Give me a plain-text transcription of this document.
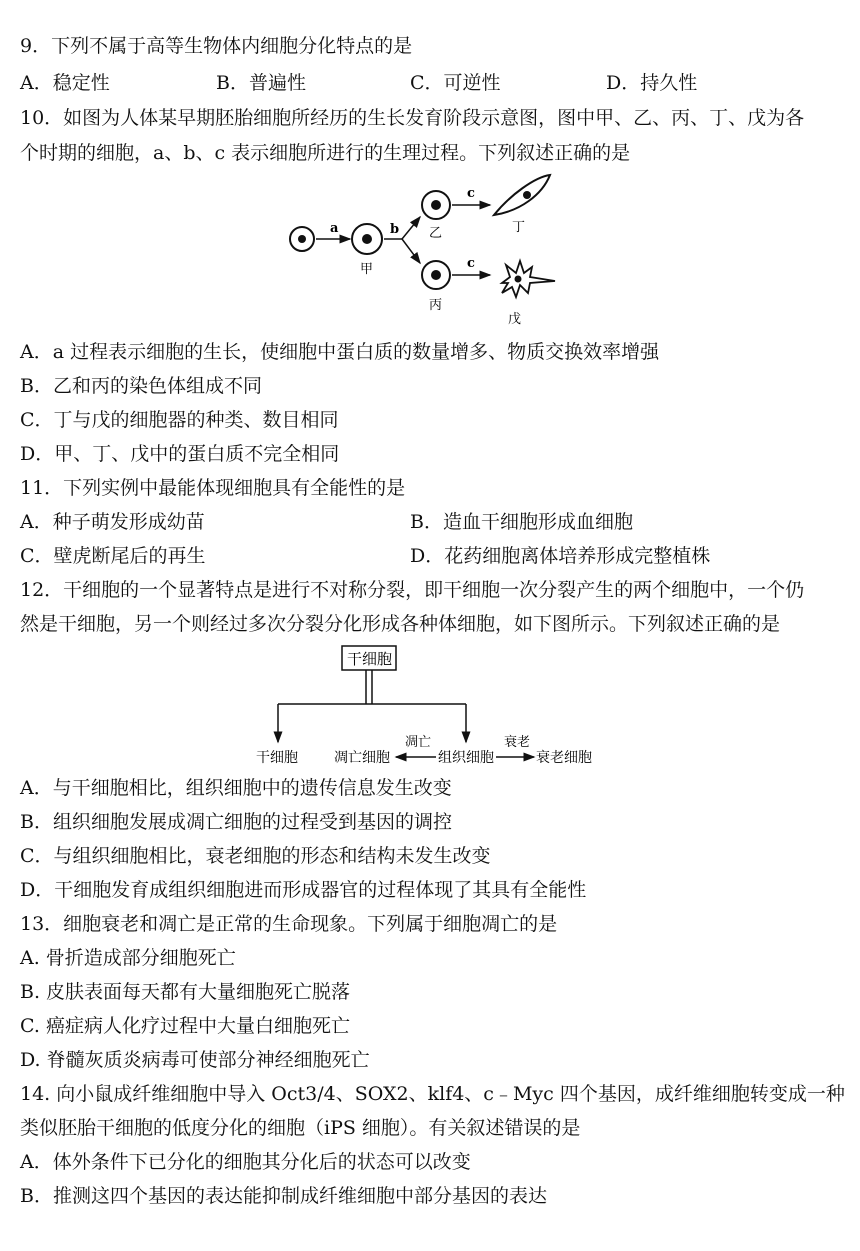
9．下列不属于高等生物体内细胞分化特点的是
A．稳定性	B．普遍性	C．可逆性	D．持久性
10．如图为人体某早期胚胎细胞所经历的生长发育阶段示意图，图中甲、乙、丙、丁、戊为各
个时期的细胞，a、b、c 表示细胞所进行的生理过程。下列叙述正确的是
a
甲
b 乙
c
丁
丙
c
戊
A．a 过程表示细胞的生长，使细胞中蛋白质的数量增多、物质交换效率增强
B．乙和丙的染色体组成不同
C．丁与戊的细胞器的种类、数目相同
D．甲、丁、戊中的蛋白质不完全相同
11．下列实例中最能体现细胞具有全能性的是
A．种子萌发形成幼苗	B．造血干细胞形成血细胞
C．壁虎断尾后的再生	D．花药细胞离体培养形成完整植株
12．干细胞的一个显著特点是进行不对称分裂，即干细胞一次分裂产生的两个细胞中，一个仍
然是干细胞，另一个则经过多次分裂分化形成各种体细胞，如下图所示。下列叙述正确的是
干细胞
干细胞	凋亡细胞
凋亡
组织细胞
衰老
衰老细胞
A．与干细胞相比，组织细胞中的遗传信息发生改变
B．组织细胞发展成凋亡细胞的过程受到基因的调控
C．与组织细胞相比，衰老细胞的形态和结构未发生改变
D．干细胞发育成组织细胞进而形成器官的过程体现了其具有全能性
13．细胞衰老和凋亡是正常的生命现象。下列属于细胞凋亡的是
A. 骨折造成部分细胞死亡
B. 皮肤表面每天都有大量细胞死亡脱落
C. 癌症病人化疗过程中大量白细胞死亡
D. 脊髓灰质炎病毒可使部分神经细胞死亡
14. 向小鼠成纤维细胞中导入 Oct3/4、SOX2、klf4、c﹣Myc 四个基因，成纤维细胞转变成一种
类似胚胎干细胞的低度分化的细胞（iPS 细胞）。有关叙述错误的是
A．体外条件下已分化的细胞其分化后的状态可以改变
B．推测这四个基因的表达能抑制成纤维细胞中部分基因的表达
